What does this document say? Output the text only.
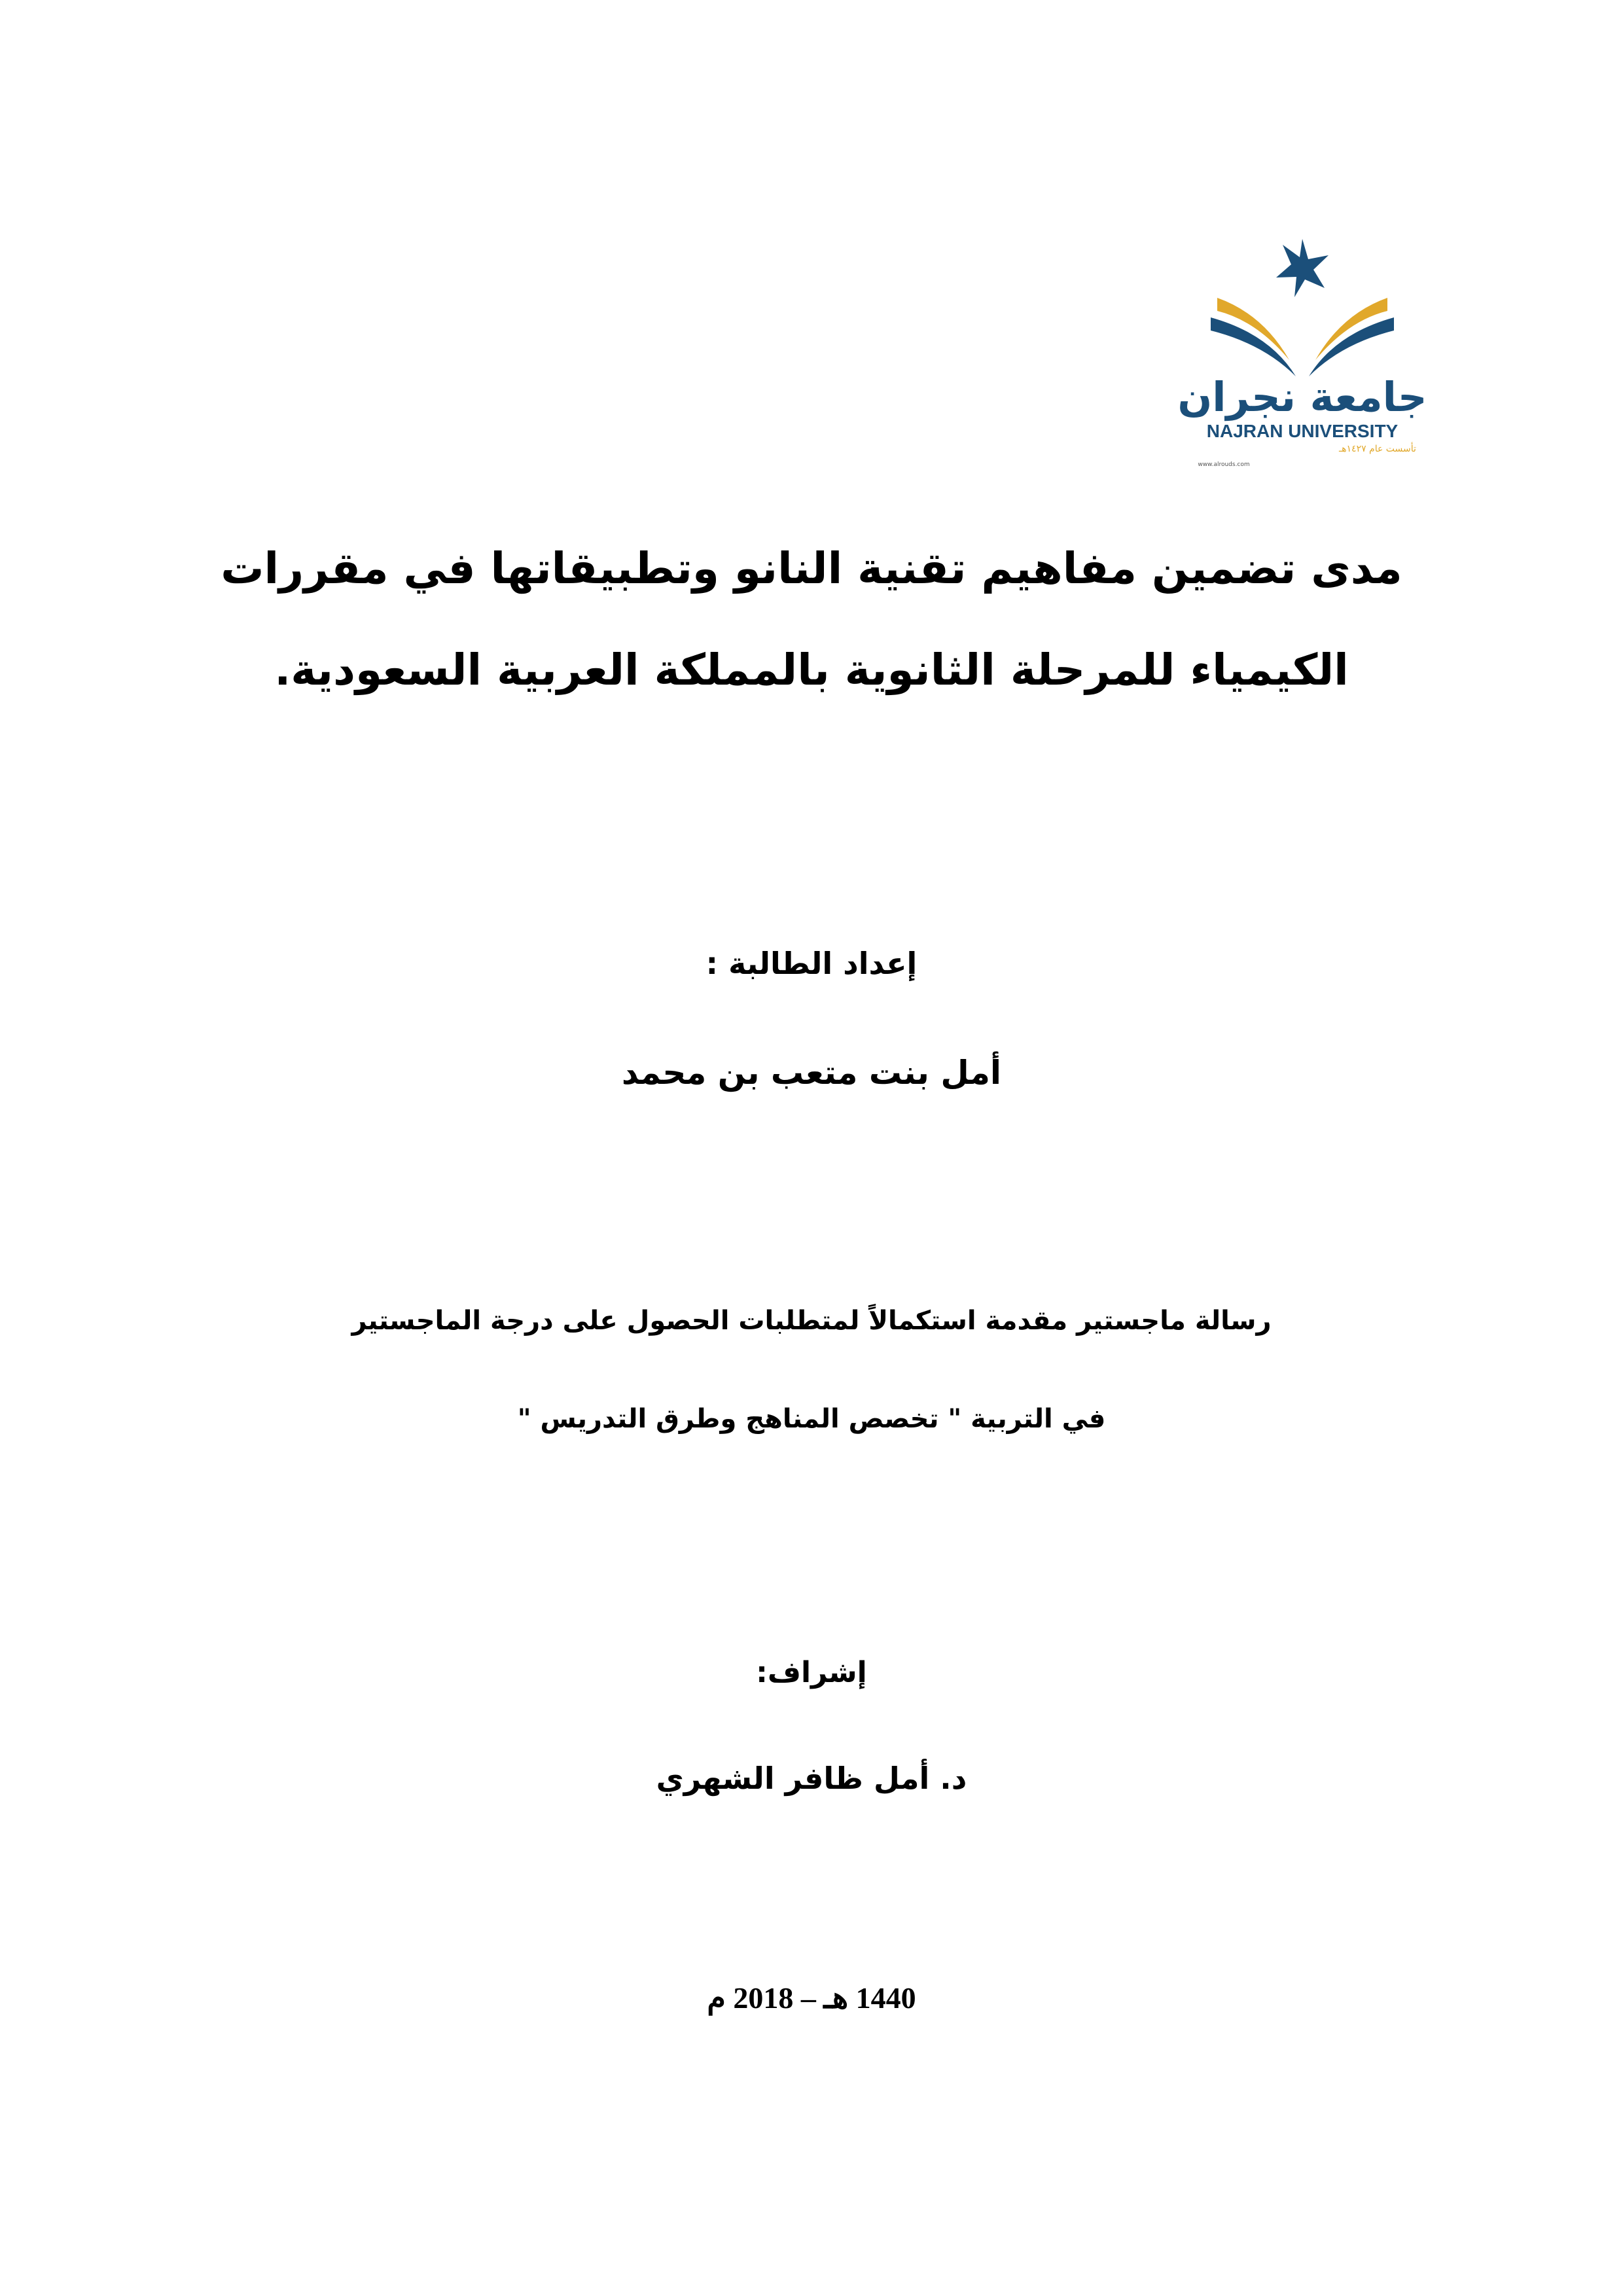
جامعة نجران
NAJRAN UNIVERSITY
تأسست عام ١٤٢٧هـ
www.alrouds.com
مدى تضمين مفاهيم تقنية النانو وتطبيقاتها في مقررات
الكيمياء للمرحلة الثانوية بالمملكة العربية السعودية.
إعداد الطالبة :
أمل بنت متعب بن محمد
رسالة ماجستير مقدمة استكمالاً لمتطلبات الحصول على درجة الماجستير
في التربية " تخصص المناهج وطرق التدريس "
إشراف:
د. أمل ظافر الشهري
1440 هـ – 2018 م
